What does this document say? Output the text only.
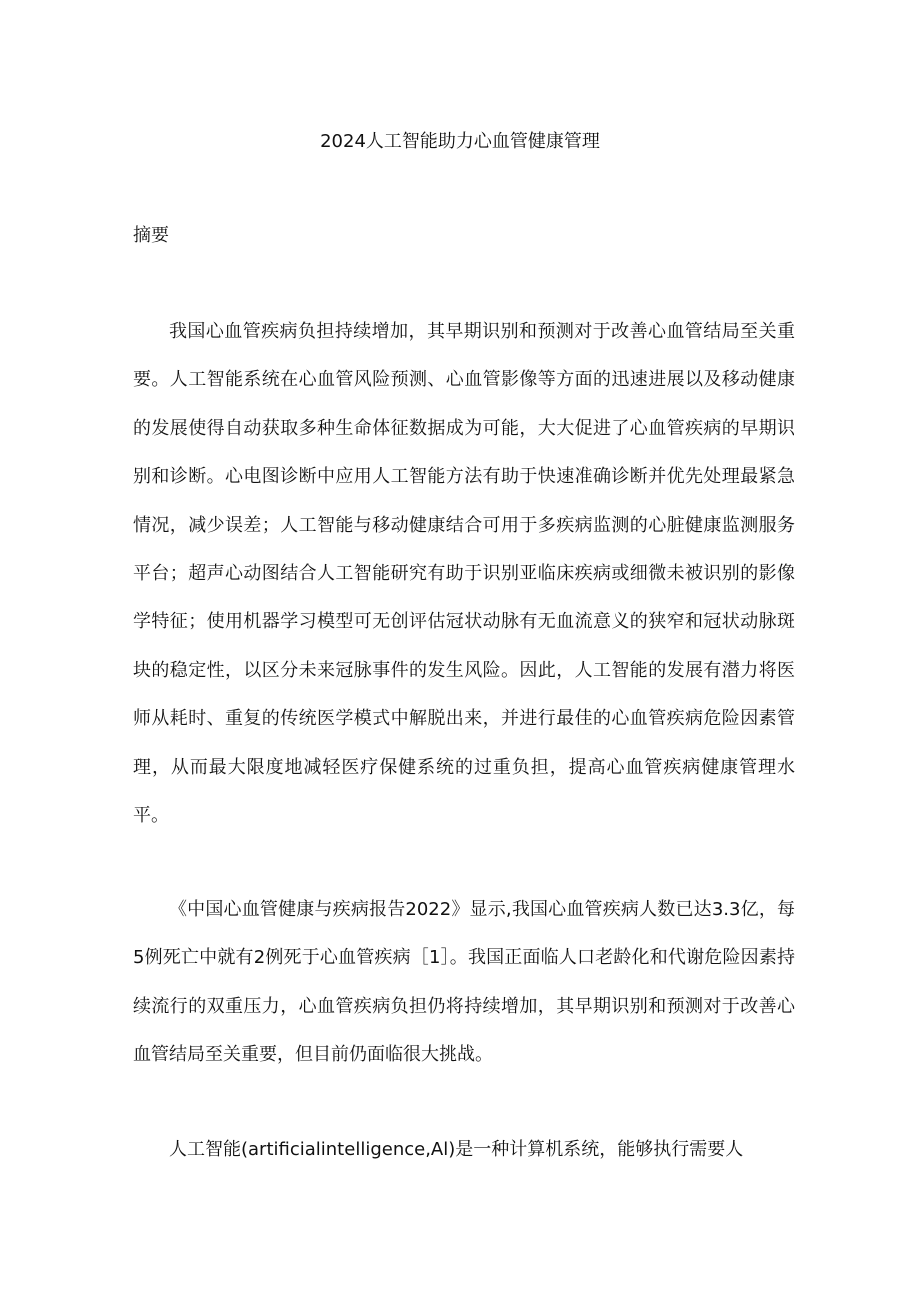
2024人工智能助力心血管健康管理
摘要

我国心血管疾病负担持续增加，其早期识别和预测对于改善心血管结局至关重要。人工智能系统在心血管风险预测、心血管影像等方面的迅速进展以及移动健康的发展使得自动获取多种生命体征数据成为可能，大大促进了心血管疾病的早期识别和诊断。心电图诊断中应用人工智能方法有助于快速准确诊断并优先处理最紧急情况，减少误差；人工智能与移动健康结合可用于多疾病监测的心脏健康监测服务平台；超声心动图结合人工智能研究有助于识别亚临床疾病或细微未被识别的影像学特征；使用机器学习模型可无创评估冠状动脉有无血流意义的狭窄和冠状动脉斑块的稳定性，以区分未来冠脉事件的发生风险。因此，人工智能的发展有潜力将医师从耗时、重复的传统医学模式中解脱出来，并进行最佳的心血管疾病危险因素管理，从而最大限度地减轻医疗保健系统的过重负担，提高心血管疾病健康管理水平。

《中国心血管健康与疾病报告2022》显示,我国心血管疾病人数已达3.3亿，每5例死亡中就有2例死于心血管疾病［1］。我国正面临人口老龄化和代谢危险因素持续流行的双重压力，心血管疾病负担仍将持续增加，其早期识别和预测对于改善心血管结局至关重要，但目前仍面临很大挑战。

人工智能(artificialintelligence,Al)是一种计算机系统，能够执行需要人
